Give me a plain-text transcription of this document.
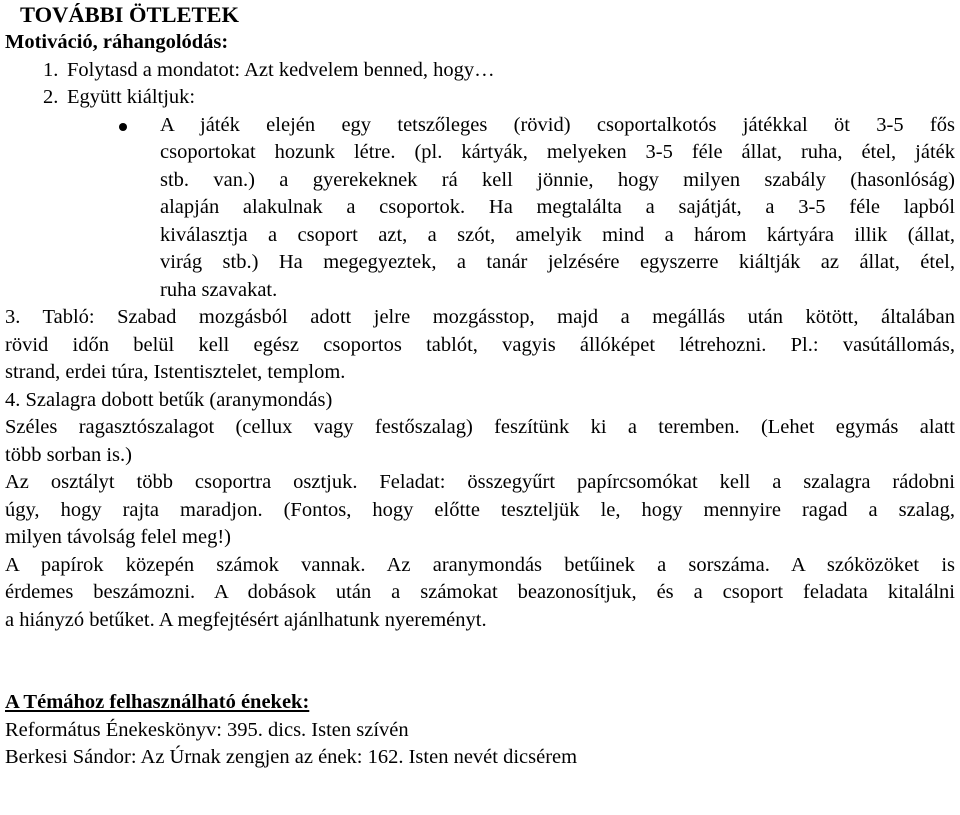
TOVÁBBI ÖTLETEK

Motiváció, ráhangolódás:

1. Folytasd a mondatot: Azt kedvelem benned, hogy…

2. Együtt kiáltjuk:

A játék elején egy tetszőleges (rövid) csoportalkotós játékkal öt 3-5 fős
csoportokat hozunk létre. (pl. kártyák, melyeken 3-5 féle állat, ruha, étel, játék
stb. van.) a gyerekeknek rá kell jönnie, hogy milyen szabály (hasonlóság)
alapján alakulnak a csoportok. Ha megtalálta a sajátját, a 3-5 féle lapból
kiválasztja a csoport azt, a szót, amelyik mind a három kártyára illik (állat,
virág stb.) Ha megegyeztek, a tanár jelzésére egyszerre kiáltják az állat, étel,
ruha szavakat.
3. Tabló: Szabad mozgásból adott jelre mozgásstop, majd a megállás után kötött, általában
rövid időn belül kell egész csoportos tablót, vagyis állóképet létrehozni. Pl.: vasútállomás,
strand, erdei túra, Istentisztelet, templom.

4. Szalagra dobott betűk (aranymondás)

Széles ragasztószalagot (cellux vagy festőszalag) feszítünk ki a teremben. (Lehet egymás alatt
több sorban is.)
Az osztályt több csoportra osztjuk. Feladat: összegyűrt papírcsomókat kell a szalagra rádobni
úgy, hogy rajta maradjon. (Fontos, hogy előtte teszteljük le, hogy mennyire ragad a szalag,
milyen távolság felel meg!)
A papírok közepén számok vannak. Az aranymondás betűinek a sorszáma. A szóközöket is
érdemes beszámozni. A dobások után a számokat beazonosítjuk, és a csoport feladata kitalálni
a hiányzó betűket. A megfejtésért ajánlhatunk nyereményt.

A Témához felhasználható énekek:

Református Énekeskönyv: 395. dics. Isten szívén

Berkesi Sándor: Az Úrnak zengjen az ének: 162. Isten nevét dicsérem
